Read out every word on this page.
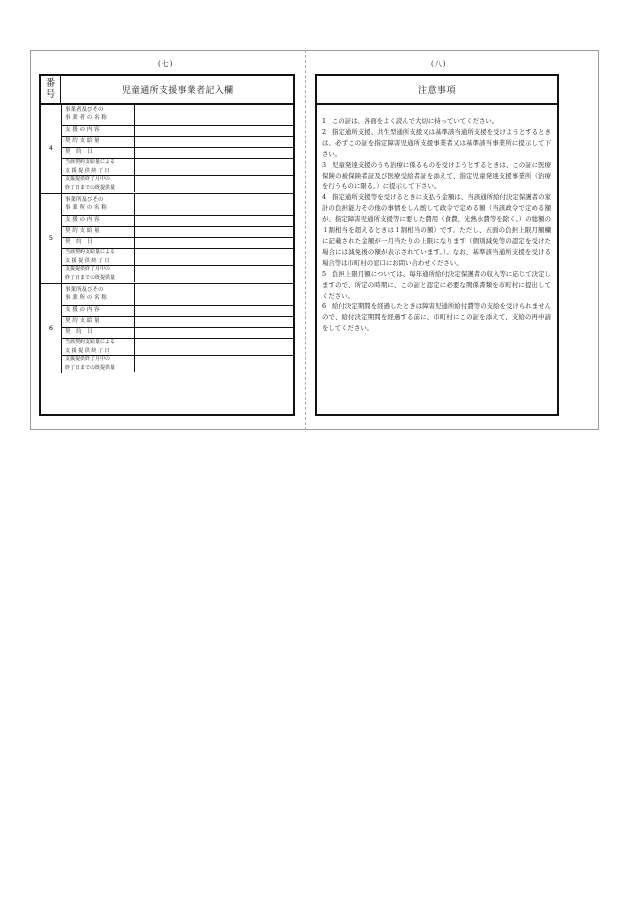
(七)	(八)
番号	児童通所支援事業者記入欄
4
事業者及びその
事 業 者 の 名 称
支 援 の 内 容
契 約 支 給 量
契　約　日
当該契約支給量による
支 援 提 供 終 了 日
支援提供終了月中の
終了日までの既提供量
5
事業所及びその
事 業 所 の 名 称
支 援 の 内 容
契 約 支 給 量
契　約　日
当該契約支給量による
支 援 提 供 終 了 日
支援提供終了月中の
終了日までの既提供量
6
事業所及びその
事 業 所 の 名 称
支 援 の 内 容
契 約 支 給 量
契　約　日
当該契約支給量による
支 援 提 供 終 了 日
支援提供終了月中の
終了日までの既提供量
注意事項

1 この証は、各面をよく読んで大切に持っていてください。

2 指定通所支援、共生型通所支援又は基準該当通所支援を受けようとするときは、必ずこの証を指定障害児通所支援事業者又は基準該当事業所に提示して下さい。

3 児童発達支援のうち治療に係るものを受けようとするときは、この証に医療保険の被保険者証及び医療受給者証を添えて、指定児童発達支援事業所（治療を行うものに限る。）に提示して下さい。

4 指定通所支援等を受けるときに支払う金額は、当該通所給付決定保護者の家計の負担能力その他の事情をしん酌して政令で定める額（当該政令で定める額が、指定障害児通所支援等に要した費用（食費、光熱水費等を除く。）の総額の１割相当を超えるときは１割相当の額）です。ただし、五面の負担上限月額欄に記載された金額が一月当たりの上限になります（個別減免等の認定を受けた場合には減免後の額が表示されています。）。なお、基準該当通所支援を受ける場合等は市町村の窓口にお問い合わせください。

5 負担上限月額については、毎年通所給付決定保護者の収入等に応じて決定しますので、所定の時期に、この証と認定に必要な関係書類を市町村に提出してください。

6 給付決定期間を経過したときは障害児通所給付費等の支給を受けられませんので、給付決定期間を経過する前に、市町村にこの証を添えて、支給の再申請をしてください。
